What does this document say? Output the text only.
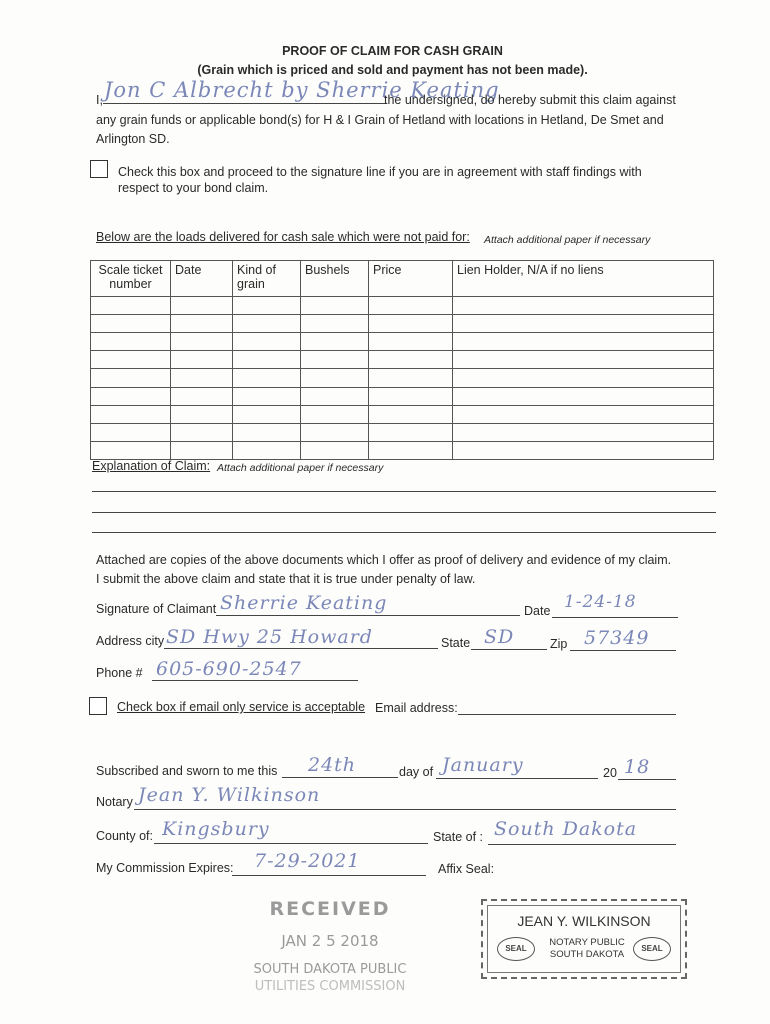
PROOF OF CLAIM FOR CASH GRAIN
(Grain which is priced and sold and payment has not been made).
I, Jon C Albrecht by Sherrie Keating
the undersigned, do hereby submit this claim against
any grain funds or applicable bond(s) for H & I Grain of Hetland with locations in Hetland, De Smet and
Arlington SD.
Check this box and proceed to the signature line if you are in agreement with staff findings with
respect to your bond claim.
Below are the loads delivered for cash sale which were not paid for: Attach additional paper if necessary
Scale ticket number	Date	Kind of grain	Bushels	Price	Lien Holder, N/A if no liens

Explanation of Claim: Attach additional paper if necessary
Attached are copies of the above documents which I offer as proof of delivery and evidence of my claim.
I submit the above claim and state that it is true under penalty of law.
Signature of Claimant Sherrie Keating	Date 1-24-18
Address city SD Hwy 25 Howard	State SD	Zip 57349
Phone # 605-690-2547
Check box if email only service is acceptable Email address:
Subscribed and sworn to me this 24th	day of January	20 18
Notary Jean Y. Wilkinson
County of: Kingsbury	State of : South Dakota
My Commission Expires: 7-29-2021	Affix Seal:
RECEIVED
JAN 2 5 2018
SOUTH DAKOTA PUBLIC
UTILITIES COMMISSION
JEAN Y. WILKINSON
SEAL
NOTARY PUBLIC
SOUTH DAKOTA
SEAL
